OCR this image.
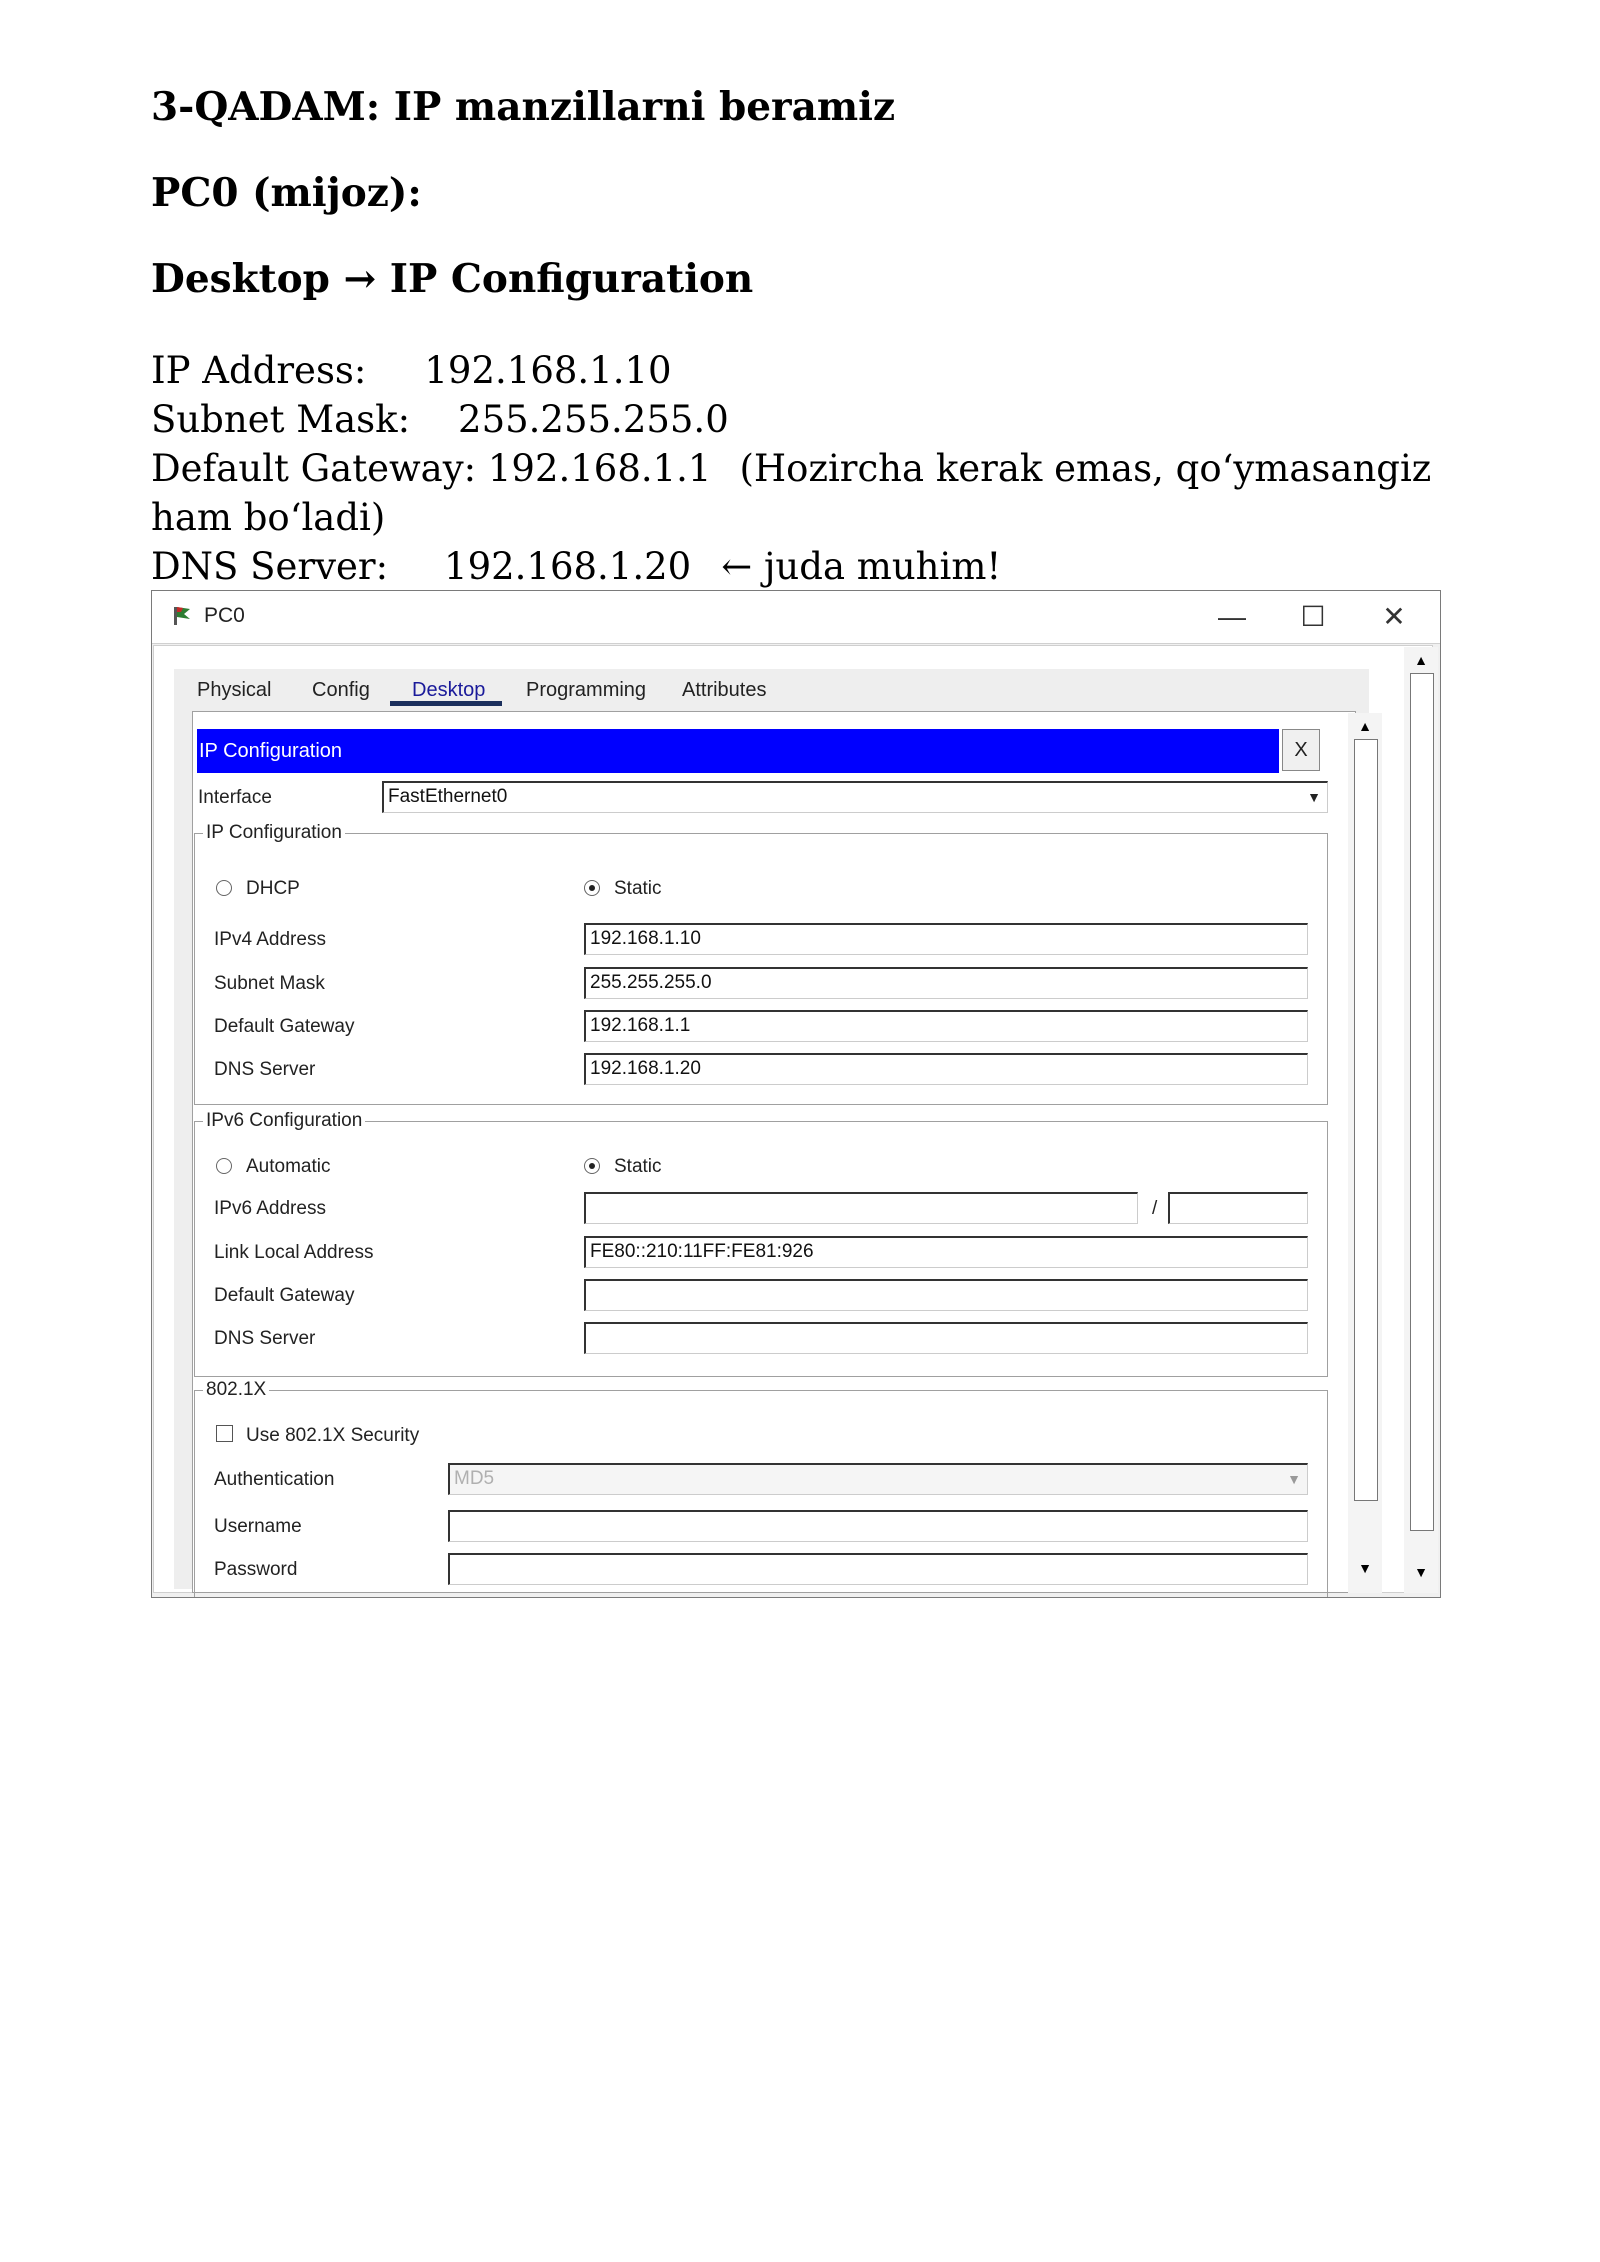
3-QADAM: IP manzillarni beramiz

PC0 (mijoz):

Desktop → IP Configuration

IP Address: 192.168.1.10
Subnet Mask: 255.255.255.0
Default Gateway: 192.168.1.1 (Hozircha kerak emas, qo‘ymasangiz ham bo‘ladi)
DNS Server: 192.168.1.20 ← juda muhim!
PC0	—	☐	✕
Physical Config Desktop Programming Attributes
IP Configuration	X
Interface	FastEthernet0	▼
IP Configuration
DHCP	Static
IPv4 Address	192.168.1.10
Subnet Mask	255.255.255.0
Default Gateway	192.168.1.1
DNS Server	192.168.1.20
IPv6 Configuration
Automatic	Static
IPv6 Address	/
Link Local Address	FE80::210:11FF:FE81:926
Default Gateway
DNS Server
802.1X
Use 802.1X Security
Authentication	MD5	▼
Username
Password
▲
▼
▲
▼
